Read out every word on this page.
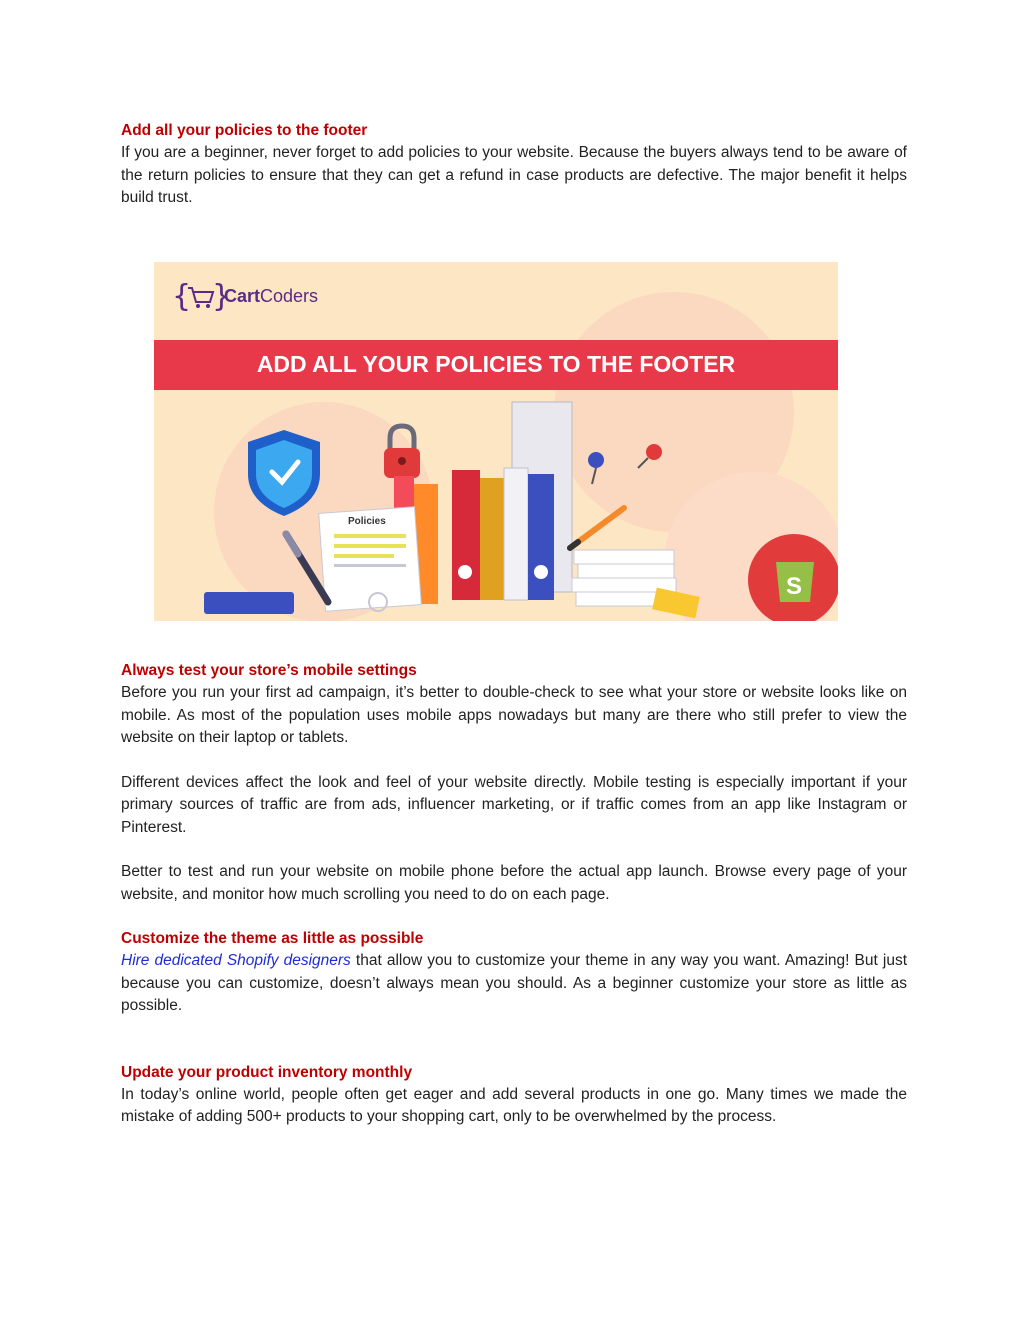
Add all your policies to the footer

If you are a beginner, never forget to add policies to your website. Because the buyers always tend to be aware of the return policies to ensure that they can get a refund in case products are defective. The major benefit it helps build trust.

{ }
CartCoders
ADD ALL YOUR POLICIES TO THE FOOTER
Policies
S
Always test your store’s mobile settings

Before you run your first ad campaign, it’s better to double-check to see what your store or website looks like on mobile. As most of the population uses mobile apps nowadays but many are there who still prefer to view the website on their laptop or tablets.

Different devices affect the look and feel of your website directly. Mobile testing is especially important if your primary sources of traffic are from ads, influencer marketing, or if traffic comes from an app like Instagram or Pinterest.

Better to test and run your website on mobile phone before the actual app launch. Browse every page of your website, and monitor how much scrolling you need to do on each page.

Customize the theme as little as possible

Hire dedicated Shopify designers that allow you to customize your theme in any way you want. Amazing! But just because you can customize, doesn’t always mean you should. As a beginner customize your store as little as possible.

Update your product inventory monthly

In today’s online world, people often get eager and add several products in one go. Many times we made the mistake of adding 500+ products to your shopping cart, only to be overwhelmed by the process.
